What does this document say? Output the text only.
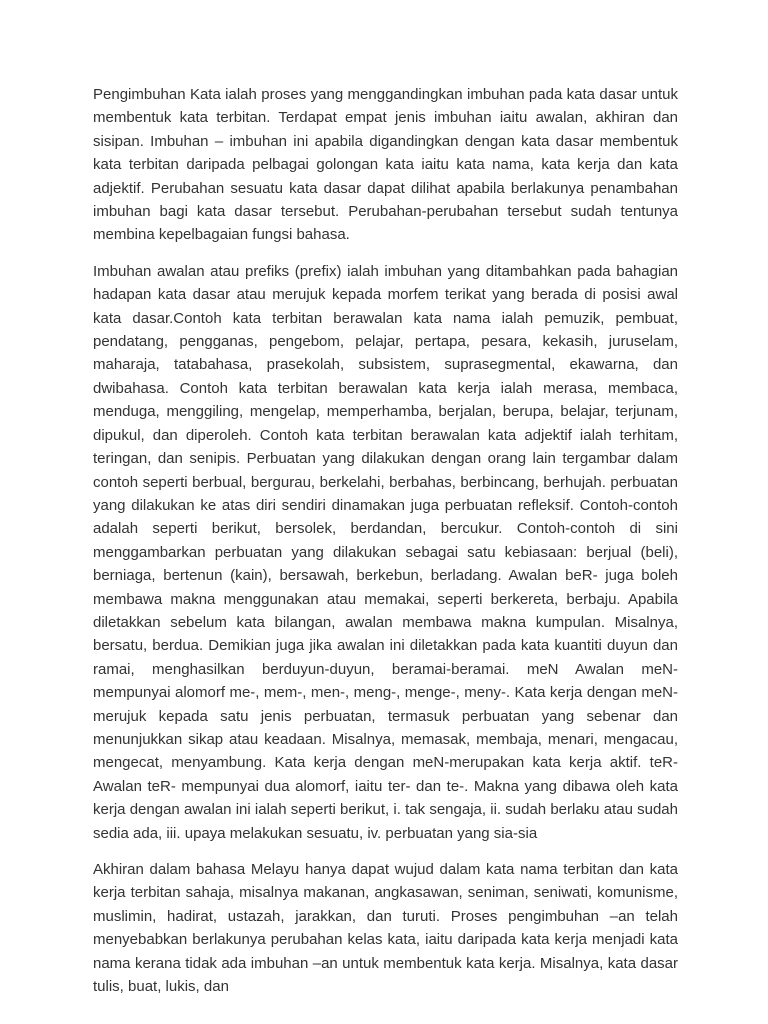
Pengimbuhan Kata ialah proses yang menggandingkan imbuhan pada kata dasar untuk membentuk kata terbitan. Terdapat empat jenis imbuhan iaitu awalan, akhiran dan sisipan. Imbuhan – imbuhan ini apabila digandingkan dengan kata dasar membentuk kata terbitan daripada pelbagai golongan kata iaitu kata nama, kata kerja dan kata adjektif. Perubahan sesuatu kata dasar dapat dilihat apabila berlakunya penambahan imbuhan bagi kata dasar tersebut. Perubahan-perubahan tersebut sudah tentunya membina kepelbagaian fungsi bahasa.

Imbuhan awalan atau prefiks (prefix) ialah imbuhan yang ditambahkan pada bahagian hadapan kata dasar atau merujuk kepada morfem terikat yang berada di posisi awal kata dasar.Contoh kata terbitan berawalan kata nama ialah pemuzik, pembuat, pendatang, pengganas, pengebom, pelajar, pertapa, pesara, kekasih, juruselam, maharaja, tatabahasa, prasekolah, subsistem, suprasegmental, ekawarna, dan dwibahasa. Contoh kata terbitan berawalan kata kerja ialah merasa, membaca, menduga, menggiling, mengelap, memperhamba, berjalan, berupa, belajar, terjunam, dipukul, dan diperoleh. Contoh kata terbitan berawalan kata adjektif ialah terhitam, teringan, dan senipis. Perbuatan yang dilakukan dengan orang lain tergambar dalam contoh seperti berbual, bergurau, berkelahi, berbahas, berbincang, berhujah. perbuatan yang dilakukan ke atas diri sendiri dinamakan juga perbuatan refleksif. Contoh-contoh adalah seperti berikut, bersolek, berdandan, bercukur. Contoh-contoh di sini menggambarkan perbuatan yang dilakukan sebagai satu kebiasaan: berjual (beli), berniaga, bertenun (kain), bersawah, berkebun, berladang. Awalan beR- juga boleh membawa makna menggunakan atau memakai, seperti berkereta, berbaju. Apabila diletakkan sebelum kata bilangan, awalan membawa makna kumpulan. Misalnya, bersatu, berdua. Demikian juga jika awalan ini diletakkan pada kata kuantiti duyun dan ramai, menghasilkan berduyun-duyun, beramai-beramai. meN Awalan meN- mempunyai alomorf me-, mem-, men-, meng-, menge-, meny-. Kata kerja dengan meN- merujuk kepada satu jenis perbuatan, termasuk perbuatan yang sebenar dan menunjukkan sikap atau keadaan. Misalnya, memasak, membaja, menari, mengacau, mengecat, menyambung. Kata kerja dengan meN-merupakan kata kerja aktif. teR- Awalan teR- mempunyai dua alomorf, iaitu ter- dan te-. Makna yang dibawa oleh kata kerja dengan awalan ini ialah seperti berikut, i. tak sengaja, ii. sudah berlaku atau sudah sedia ada, iii. upaya melakukan sesuatu, iv. perbuatan yang sia-sia

Akhiran dalam bahasa Melayu hanya dapat wujud dalam kata nama terbitan dan kata kerja terbitan sahaja, misalnya makanan, angkasawan, seniman, seniwati, komunisme, muslimin, hadirat, ustazah, jarakkan, dan turuti. Proses pengimbuhan –an telah menyebabkan berlakunya perubahan kelas kata, iaitu daripada kata kerja menjadi kata nama kerana tidak ada imbuhan –an untuk membentuk kata kerja. Misalnya, kata dasar tulis, buat, lukis, dan
